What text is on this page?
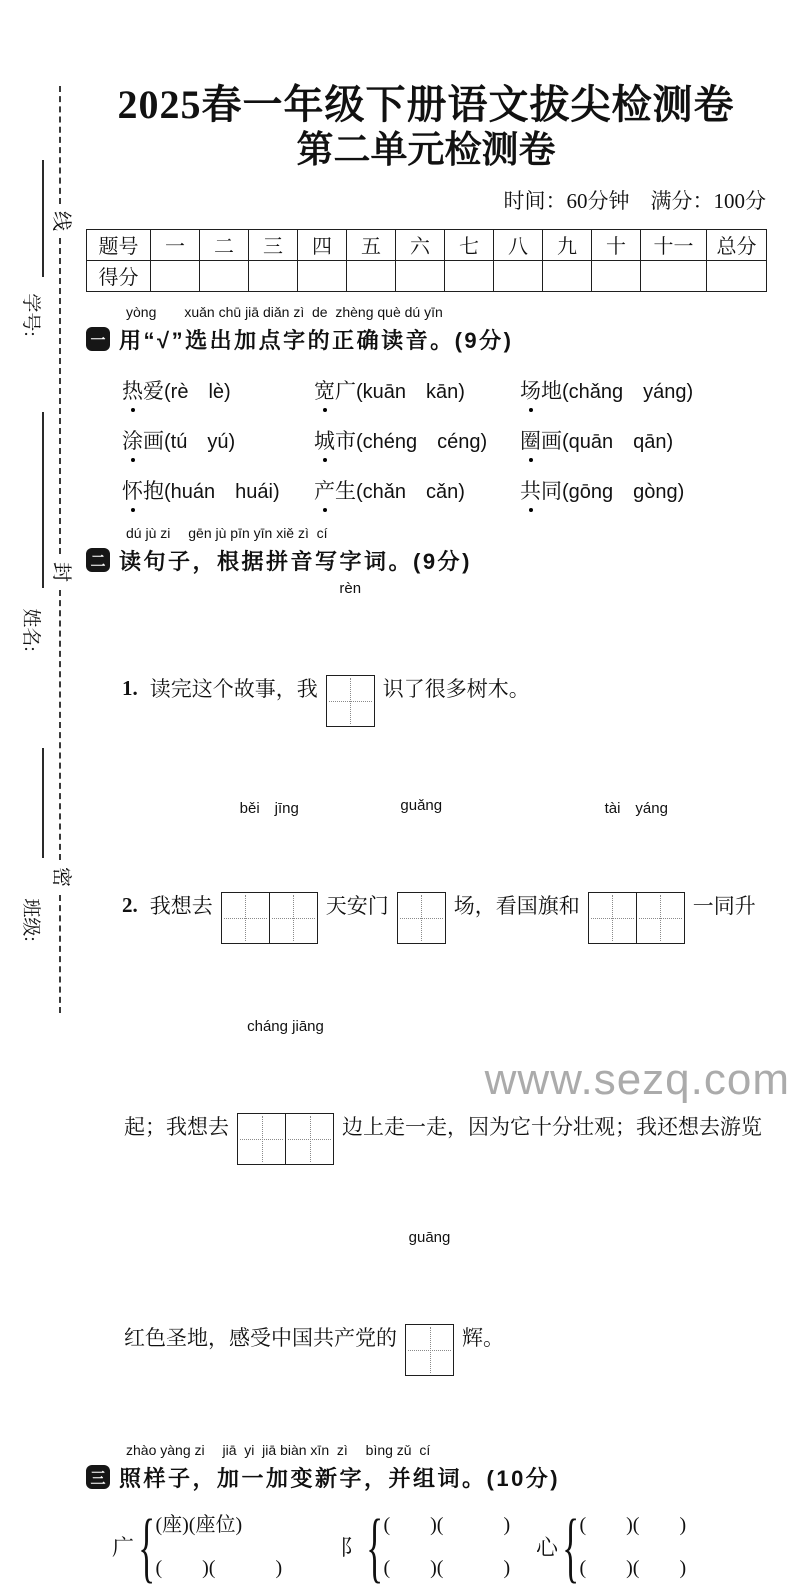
线
封
密
学号:
姓名:
班级:
2025春一年级下册语文拔尖检测卷
第二单元检测卷
时间：60分钟　满分：100分
题号	一	二	三	四	五	六	七	八	九	十	十一	总分
得分												
yòng　　xuǎn chū jiā diǎn zì  de  zhèng què dú yīn
一 用“√”选出加点字的正确读音。(9分)
热爱(rè　lè)	宽广(kuān　kān)	场地(chǎng　yáng)
涂画(tú　yú)	城市(chéng　céng)	圈画(quān　qān)
怀抱(huán　huái)	产生(chǎn　cǎn)	共同(gōng　gòng)
dú jù zi　 gēn jù pīn yīn xiě zì  cí
二 读句子，根据拼音写字词。(9分)
1. 读完这个故事，我

rèn

识了很多树木。
2. 我想去

běi　jīng

天安门

guǎng

场，看国旗和

tài　yáng

一同升
起；我想去

cháng jiāng

边上走一走，因为它十分壮观；我还想去游览
红色圣地，感受中国共产党的

guāng

辉。
zhào yàng zi　 jiā  yi  jiā biàn xīn  zì　 bìng zǔ  cí
三 照样子，加一加变新字，并组词。(10分)
广 { (座)(座位)
(　　)(　　　)
阝 { (　　)(　　　)
(　　)(　　　)
心 { (　　)(　　)
(　　)(　　)
www.sezq.com
